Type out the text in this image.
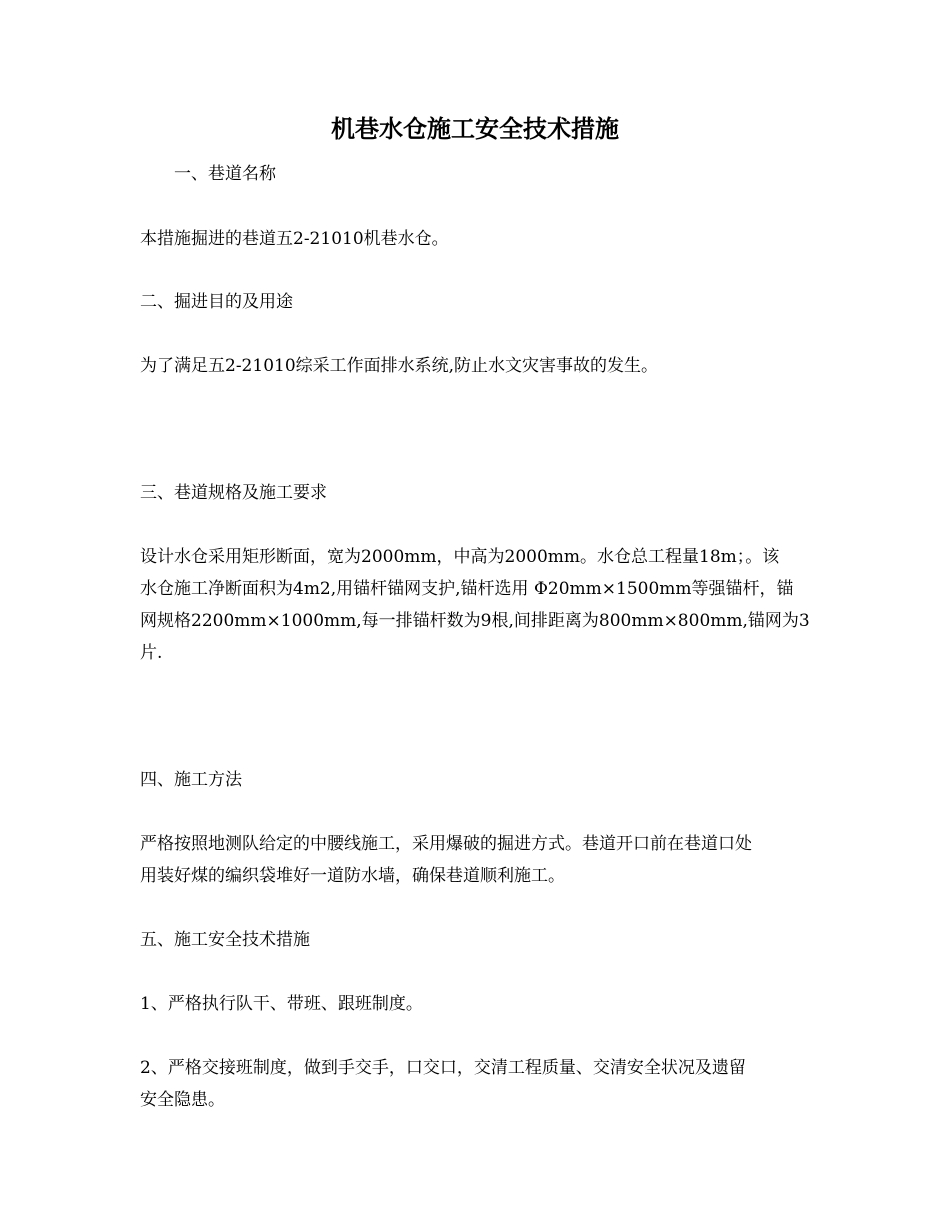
机巷水仓施工安全技术措施

一、巷道名称

本措施掘进的巷道五2-21010机巷水仓。

二、掘进目的及用途

为了满足五2-21010综采工作面排水系统,防止水文灾害事故的发生。

三、巷道规格及施工要求

设计水仓采用矩形断面，宽为2000mm，中高为2000mm。水仓总工程量18m；。该

水仓施工净断面积为4m2,用锚杆锚网支护,锚杆选用 Φ20mm×1500mm等强锚杆，锚

网规格2200mm×1000mm,每一排锚杆数为9根,间排距离为800mm×800mm,锚网为3

片.

四、施工方法

严格按照地测队给定的中腰线施工，采用爆破的掘进方式。巷道开口前在巷道口处

用装好煤的编织袋堆好一道防水墙，确保巷道顺利施工。

五、施工安全技术措施

1、严格执行队干、带班、跟班制度。

2、严格交接班制度，做到手交手，口交口，交清工程质量、交清安全状况及遗留

安全隐患。
